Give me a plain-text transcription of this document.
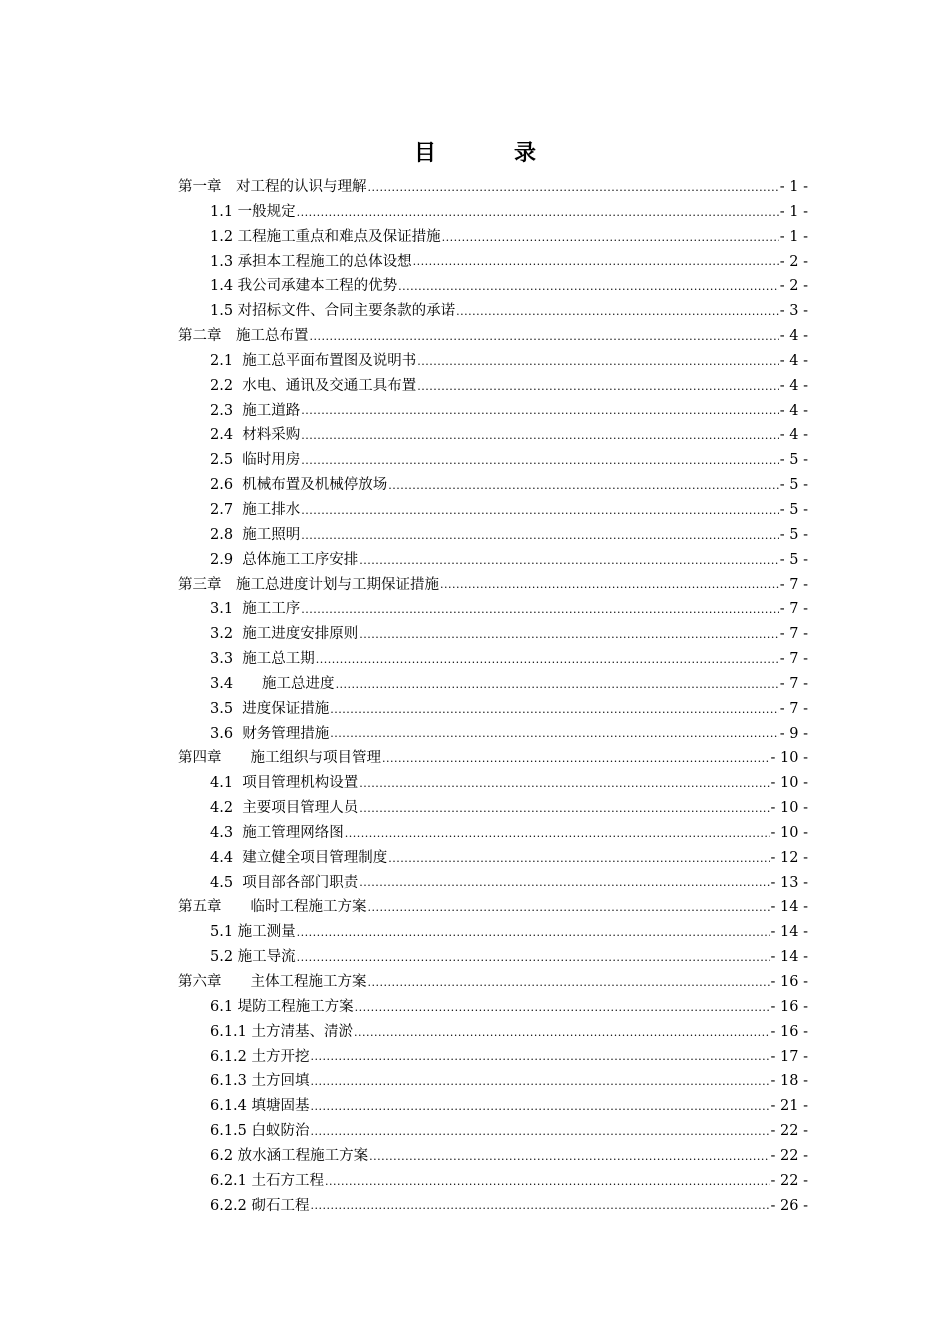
目　录
第一章　对工程的认识与理解 .....	- 1 -
1.1 一般规定 .....	- 1 -
1.2 工程施工重点和难点及保证措施 .....	- 1 -
1.3 承担本工程施工的总体设想 .....	- 2 -
1.4 我公司承建本工程的优势 .....	- 2 -
1.5 对招标文件、合同主要条款的承诺 .....	- 3 -
第二章　施工总布置 .....	- 4 -
2.1  施工总平面布置图及说明书 .....	- 4 -
2.2  水电、通讯及交通工具布置 .....	- 4 -
2.3  施工道路 .....	- 4 -
2.4  材料采购 .....	- 4 -
2.5  临时用房 .....	- 5 -
2.6  机械布置及机械停放场 .....	- 5 -
2.7  施工排水 .....	- 5 -
2.8  施工照明 .....	- 5 -
2.9  总体施工工序安排 .....	- 5 -
第三章　施工总进度计划与工期保证措施 .....	- 7 -
3.1  施工工序 .....	- 7 -
3.2  施工进度安排原则 .....	- 7 -
3.3  施工总工期 .....	- 7 -
3.4　　施工总进度 .....	- 7 -
3.5  进度保证措施 .....	- 7 -
3.6  财务管理措施 .....	- 9 -
第四章　　施工组织与项目管理 .....	- 10 -
4.1  项目管理机构设置 .....	- 10 -
4.2  主要项目管理人员 .....	- 10 -
4.3  施工管理网络图 .....	- 10 -
4.4  建立健全项目管理制度 .....	- 12 -
4.5  项目部各部门职责 .....	- 13 -
第五章　　临时工程施工方案 .....	- 14 -
5.1 施工测量 .....	- 14 -
5.2 施工导流 .....	- 14 -
第六章　　主体工程施工方案 .....	- 16 -
6.1 堤防工程施工方案 .....	- 16 -
6.1.1 土方清基、清淤 .....	- 16 -
6.1.2 土方开挖 .....	- 17 -
6.1.3 土方回填 .....	- 18 -
6.1.4 填塘固基 .....	- 21 -
6.1.5 白蚁防治 .....	- 22 -
6.2 放水涵工程施工方案 .....	- 22 -
6.2.1 土石方工程 .....	- 22 -
6.2.2 砌石工程 .....	- 26 -
